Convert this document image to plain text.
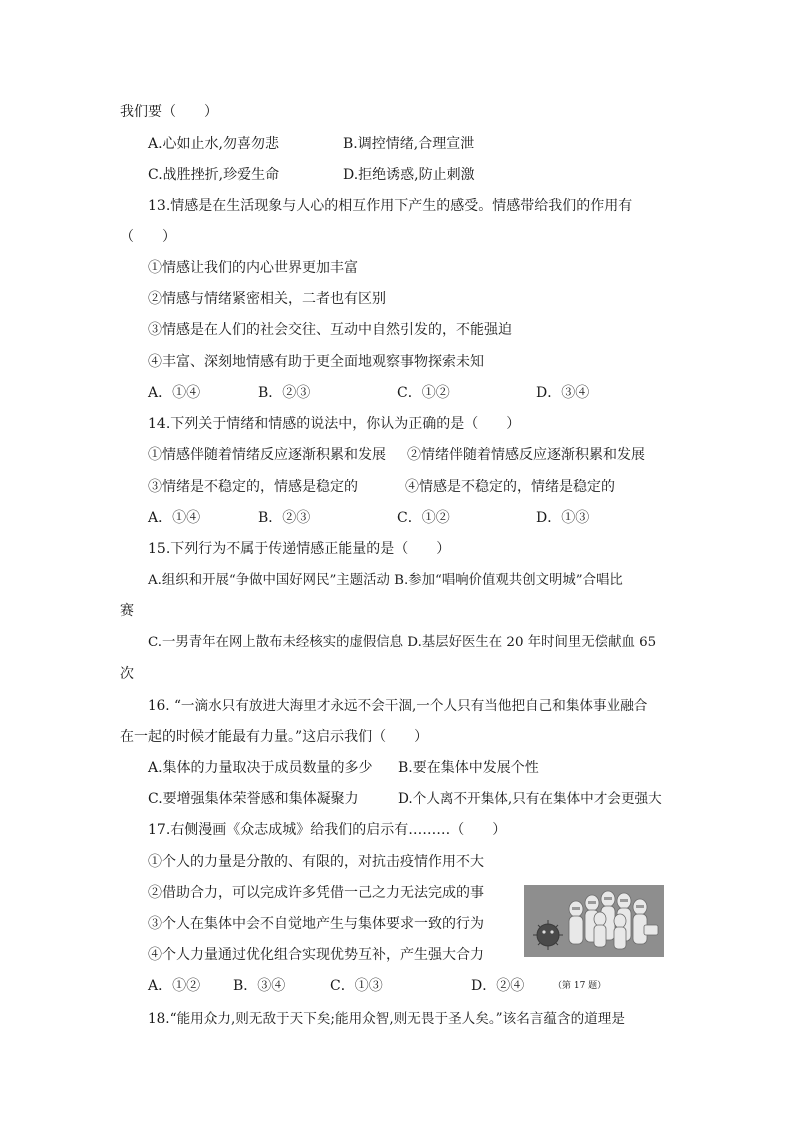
我们要（　　）
A.心如止水,勿喜勿悲	B.调控情绪,合理宣泄
C.战胜挫折,珍爱生命	D.拒绝诱惑,防止刺激
13.情感是在生活现象与人心的相互作用下产生的感受。情感带给我们的作用有
（　　）
①情感让我们的内心世界更加丰富
②情感与情绪紧密相关，二者也有区别
③情感是在人们的社会交往、互动中自然引发的，不能强迫
④丰富、深刻地情感有助于更全面地观察事物探索未知
A．①④	B．②③	C．①②	D．③④
14.下列关于情绪和情感的说法中，你认为正确的是（　　）
①情感伴随着情绪反应逐渐积累和发展 ②情绪伴随着情感反应逐渐积累和发展
③情绪是不稳定的，情感是稳定的	④情感是不稳定的，情绪是稳定的
A．①④	B．②③	C．①②	D．①③
15.下列行为不属于传递情感正能量的是（　　）
A.组织和开展“争做中国好网民”主题活动 B.参加“唱响价值观共创文明城”合唱比
赛
C.一男青年在网上散布未经核实的虚假信息 D.基层好医生在 20 年时间里无偿献血 65
次
16. “一滴水只有放进大海里才永远不会干涸,一个人只有当他把自己和集体事业融合
在一起的时候才能最有力量。”这启示我们（　　）
A.集体的力量取决于成员数量的多少 B.要在集体中发展个性
C.要增强集体荣誉感和集体凝聚力	D.个人离不开集体,只有在集体中才会更强大
17.右侧漫画《众志成城》给我们的启示有………（　　）
①个人的力量是分散的、有限的，对抗击疫情作用不大
②借助合力，可以完成许多凭借一己之力无法完成的事
③个人在集体中会不自觉地产生与集体要求一致的行为
④个人力量通过优化组合实现优势互补，产生强大合力
A．①② B．③④	C．①③	D．②④	（第 17 题）
18.“能用众力,则无敌于天下矣;能用众智,则无畏于圣人矣。”该名言蕴含的道理是
